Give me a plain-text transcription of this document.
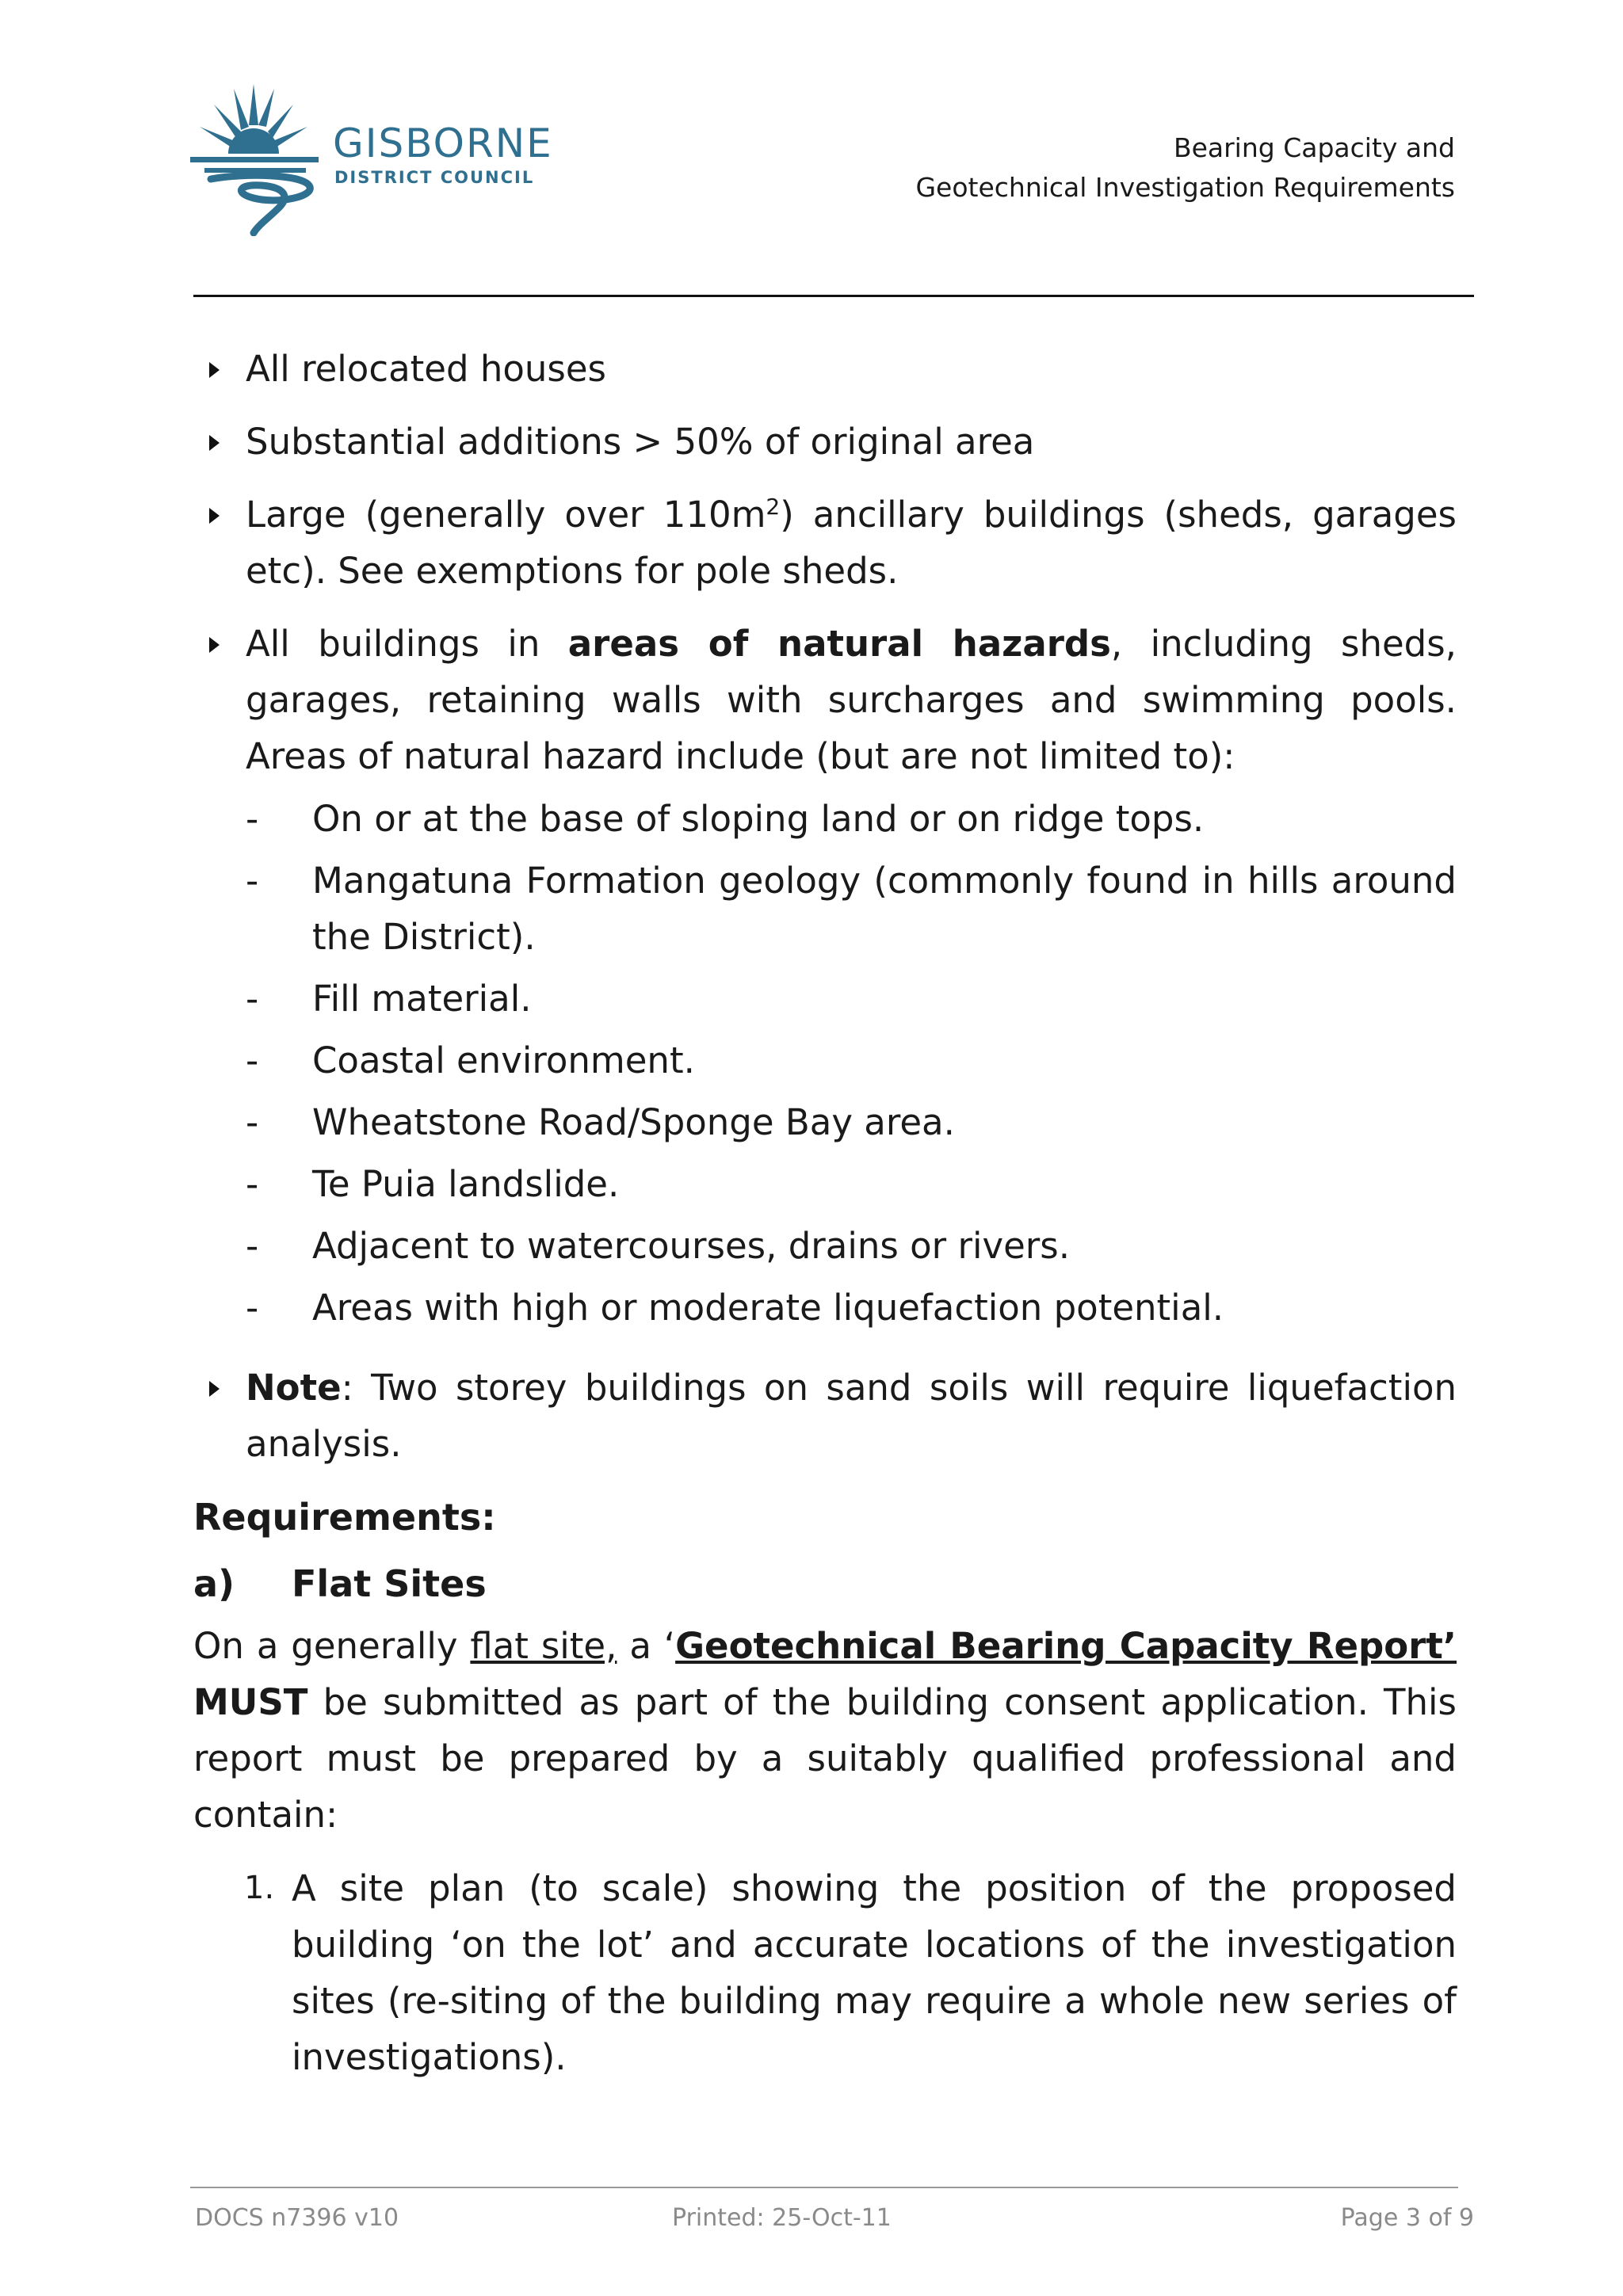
GISBORNE
DISTRICT COUNCIL
Bearing Capacity and
Geotechnical Investigation Requirements
All relocated houses
Substantial additions > 50% of original area
Large (generally over $110m^2$) ancillary buildings (sheds, garages etc). See exemptions for pole sheds.
All buildings in areas of natural hazards, including sheds, garages, retaining walls with surcharges and swimming pools. Areas of natural hazard include (but are not limited to):
- On or at the base of sloping land or on ridge tops.
- Mangatuna Formation geology (commonly found in hills around the District).
- Fill material.
- Coastal environment.
- Wheatstone Road/Sponge Bay area.
- Te Puia landslide.
- Adjacent to watercourses, drains or rivers.
- Areas with high or moderate liquefaction potential.
Note: Two storey buildings on sand soils will require liquefaction analysis.
Requirements:
a) Flat Sites
On a generally flat site, a ‘Geotechnical Bearing Capacity Report’ MUST be submitted as part of the building consent application. This report must be prepared by a suitably qualified professional and contain:
1. A site plan (to scale) showing the position of the proposed building ‘on the lot’ and accurate locations of the investigation sites (re-siting of the building may require a whole new series of investigations).
DOCS n7396 v10	Printed: 25-Oct-11	Page 3 of 9
